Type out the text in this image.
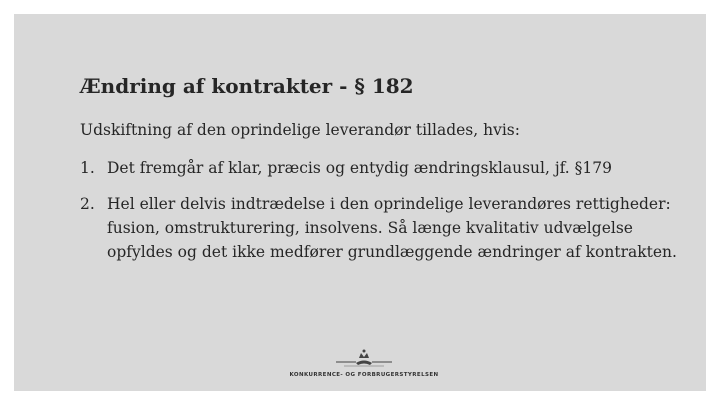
Ændring af kontrakter - § 182

Udskiftning af den oprindelige leverandør tillades, hvis:

1. Det fremgår af klar, præcis og entydig ændringsklausul, jf. §179
2. Hel eller delvis indtrædelse i den oprindelige leverandøres rettigheder: fusion, omstrukturering, insolvens. Så længe kvalitativ udvælgelse opfyldes og det ikke medfører grundlæggende ændringer af kontrakten.
KONKURRENCE- OG FORBRUGERSTYRELSEN
